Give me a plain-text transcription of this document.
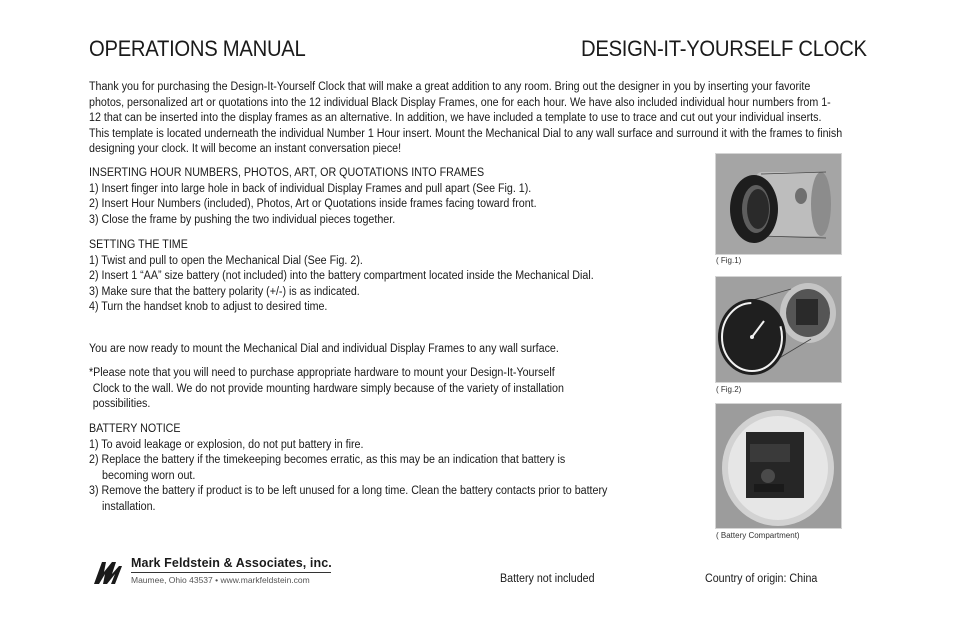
OPERATIONS MANUAL	DESIGN-IT-YOURSELF CLOCK
Thank you for purchasing the Design-It-Yourself Clock that will make a great addition to any room. Bring out the designer in you by inserting your favorite photos, personalized art or quotations into the 12 individual Black Display Frames, one for each hour. We have also included individual hour numbers from 1-12 that can be inserted into the display frames as an alternative. In addition, we have included a template to use to trace and cut out your individual inserts. This template is located underneath the individual Number 1 Hour insert. Mount the Mechanical Dial to any wall surface and surround it with the frames to finish designing your clock. It will become an instant conversation piece!

INSERTING HOUR NUMBERS, PHOTOS, ART, OR QUOTATIONS INTO FRAMES

1) Insert finger into large hole in back of individual Display Frames and pull apart (See Fig. 1).

2) Insert Hour Numbers (included), Photos, Art or Quotations inside frames facing toward front.

3) Close the frame by pushing the two individual pieces together.

SETTING THE TIME

1) Twist and pull to open the Mechanical Dial (See Fig. 2).

2) Insert 1 “AA” size battery (not included) into the battery compartment located inside the Mechanical Dial.

3) Make sure that the battery polarity (+/-) is as indicated.

4) Turn the handset knob to adjust to desired time.

You are now ready to mount the Mechanical Dial and individual Display Frames to any wall surface.
*Please note that you will need to purchase appropriate hardware to mount your Design-It-Yourself Clock to the wall. We do not provide mounting hardware simply because of the variety of installation possibilities.

BATTERY NOTICE

1) To avoid leakage or explosion, do not put battery in fire.

2) Replace the battery if the timekeeping becomes erratic, as this may be an indication that battery is becoming worn out.

3) Remove the battery if product is to be left unused for a long time. Clean the battery contacts prior to battery installation.

( Fig.1)
( Fig.2)
( Battery Compartment)
Mark Feldstein & Associates, inc.
Maumee, Ohio 43537 • www.markfeldstein.com	Battery not included	Country of origin: China
